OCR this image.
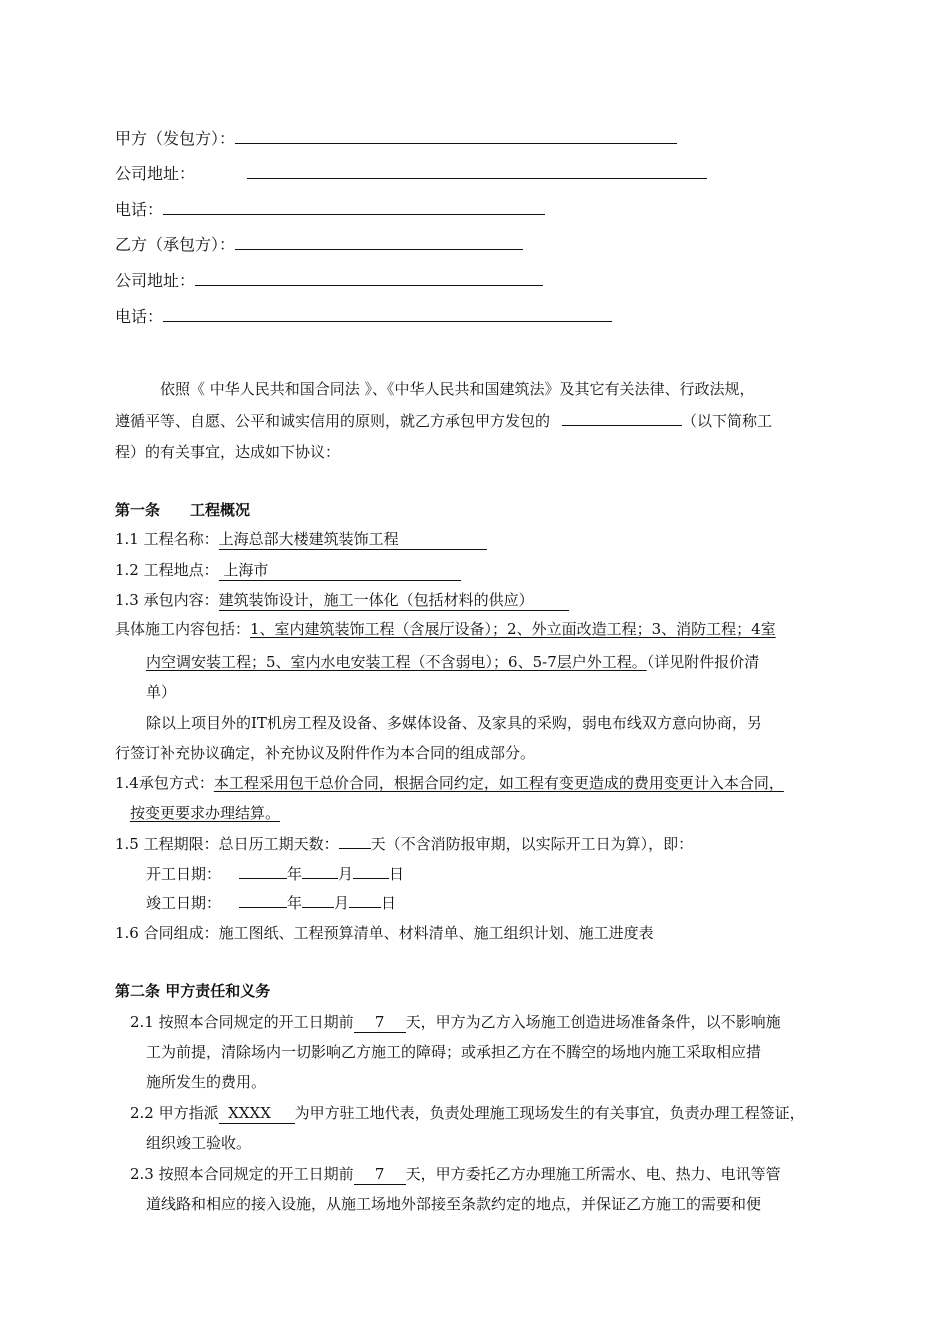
甲方（发包方）：
公司地址：
电话：
乙方（承包方）：
公司地址：
电话：
依照《 中华人民共和国合同法 》、《中华人民共和国建筑法》及其它有关法律、行政法规，
遵循平等、自愿、公平和诚实信用的原则，就乙方承包甲方发包的	（以下简称工
程）的有关事宜，达成如下协议：
第一条　　工程概况
1.1 工程名称：上海总部大楼建筑装饰工程
1.2 工程地点： 上海市
1.3 承包内容：建筑装饰设计，施工一体化（包括材料的供应）
具体施工内容包括：1、室内建筑装饰工程（含展厅设备）；2、外立面改造工程；3、消防工程；4室
内空调安装工程；5、室内水电安装工程（不含弱电）；6、5-7层户外工程。（详见附件报价清
单）
除以上项目外的IT机房工程及设备、多媒体设备、及家具的采购，弱电布线双方意向协商，另
行签订补充协议确定，补充协议及附件作为本合同的组成部分。
1.4承包方式：本工程采用包干总价合同，根据合同约定，如工程有变更造成的费用变更计入本合同，
按变更要求办理结算。
1.5 工程期限：总日历工期天数： 天（不含消防报审期，以实际开工日为算），即：
开工日期：	年 月 日
竣工日期：	年 月 日
1.6 合同组成：施工图纸、工程预算清单、材料清单、施工组织计划、施工进度表
第二条 甲方责任和义务
2.1 按照本合同规定的开工日期前 7 天，甲方为乙方入场施工创造进场准备条件，以不影响施
工为前提，清除场内一切影响乙方施工的障碍；或承担乙方在不腾空的场地内施工采取相应措
施所发生的费用。
2.2 甲方指派 XXXX 为甲方驻工地代表，负责处理施工现场发生的有关事宜，负责办理工程签证，
组织竣工验收。
2.3 按照本合同规定的开工日期前 7 天，甲方委托乙方办理施工所需水、电、热力、电讯等管
道线路和相应的接入设施，从施工场地外部接至条款约定的地点，并保证乙方施工的需要和便
